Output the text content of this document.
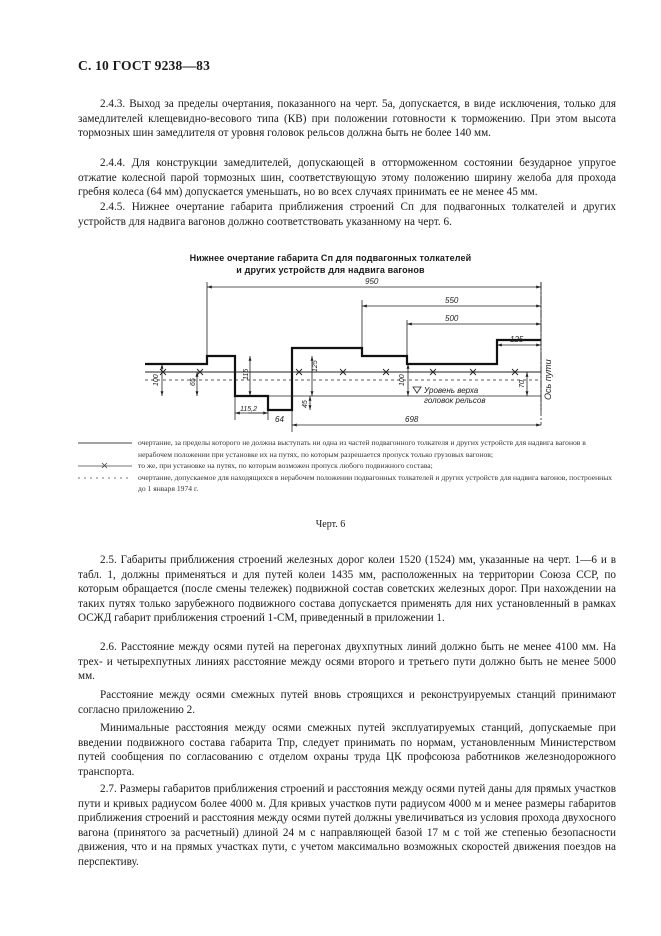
С. 10 ГОСТ 9238—83
2.4.3. Выход за пределы очертания, показанного на черт. 5а, допускается, в виде исключения, только для замедлителей клещевидно-весового типа (КВ) при положении готовности к торможению. При этом высота тормозных шин замедлителя от уровня головок рельсов должна быть не более 140 мм.
2.4.4. Для конструкции замедлителей, допускающей в отторможенном состоянии безударное упругое отжатие колесной парой тормозных шин, соответствующую этому положению ширину желоба для прохода гребня колеса (64 мм) допускается уменьшать, но во всех случаях принимать ее не менее 45 мм.
2.4.5. Нижнее очертание габарита приближения строений Сп для подвагонных толкателей и других устройств для надвига вагонов должно соответствовать указанному на черт. 6.
Нижнее очертание габарита Сп для подвагонных толкателей
и других устройств для надвига вагонов
950
550
500
125
698
115,2
64
100	65
115
125
45
100	70
Уровень верха
головок рельсов
Ось пути
очертание, за пределы которого не должна выступать ни одна из частей подвагонного толкателя и других устройств для надвига вагонов в нерабочем положении при установке их на путях, по которым разрешается пропуск только грузовых вагонов;
то же, при установке на путях, по которым возможен пропуск любого подвижного состава;
очертание, допускаемое для находящихся в нерабочем положении подвагонных толкателей и других устройств для надвига вагонов, построенных до 1 января 1974 г.
Черт. 6
2.5. Габариты приближения строений железных дорог колеи 1520 (1524) мм, указанные на черт. 1—6 и в табл. 1, должны применяться и для путей колеи 1435 мм, расположенных на территории Союза ССР, по которым обращается (после смены тележек) подвижной состав советских железных дорог. При нахождении на таких путях только зарубежного подвижного состава допускается применять для них установленный в рамках ОСЖД габарит приближения строений 1-СМ, приведенный в приложении 1.
2.6. Расстояние между осями путей на перегонах двухпутных линий должно быть не менее 4100 мм. На трех- и четырехпутных линиях расстояние между осями второго и третьего пути должно быть не менее 5000 мм.
Расстояние между осями смежных путей вновь строящихся и реконструируемых станций принимают согласно приложению 2.
Минимальные расстояния между осями смежных путей эксплуатируемых станций, допускаемые при введении подвижного состава габарита Тпр, следует принимать по нормам, установленным Министерством путей сообщения по согласованию с отделом охраны труда ЦК профсоюза работников железнодорожного транспорта.
2.7. Размеры габаритов приближения строений и расстояния между осями путей даны для прямых участков пути и кривых радиусом более 4000 м. Для кривых участков пути радиусом 4000 м и менее размеры габаритов приближения строений и расстояния между осями путей должны увеличиваться из условия прохода двухосного вагона (принятого за расчетный) длиной 24 м с направляющей базой 17 м с той же степенью безопасности движения, что и на прямых участках пути, с учетом максимально возможных скоростей движения поездов на перспективу.
